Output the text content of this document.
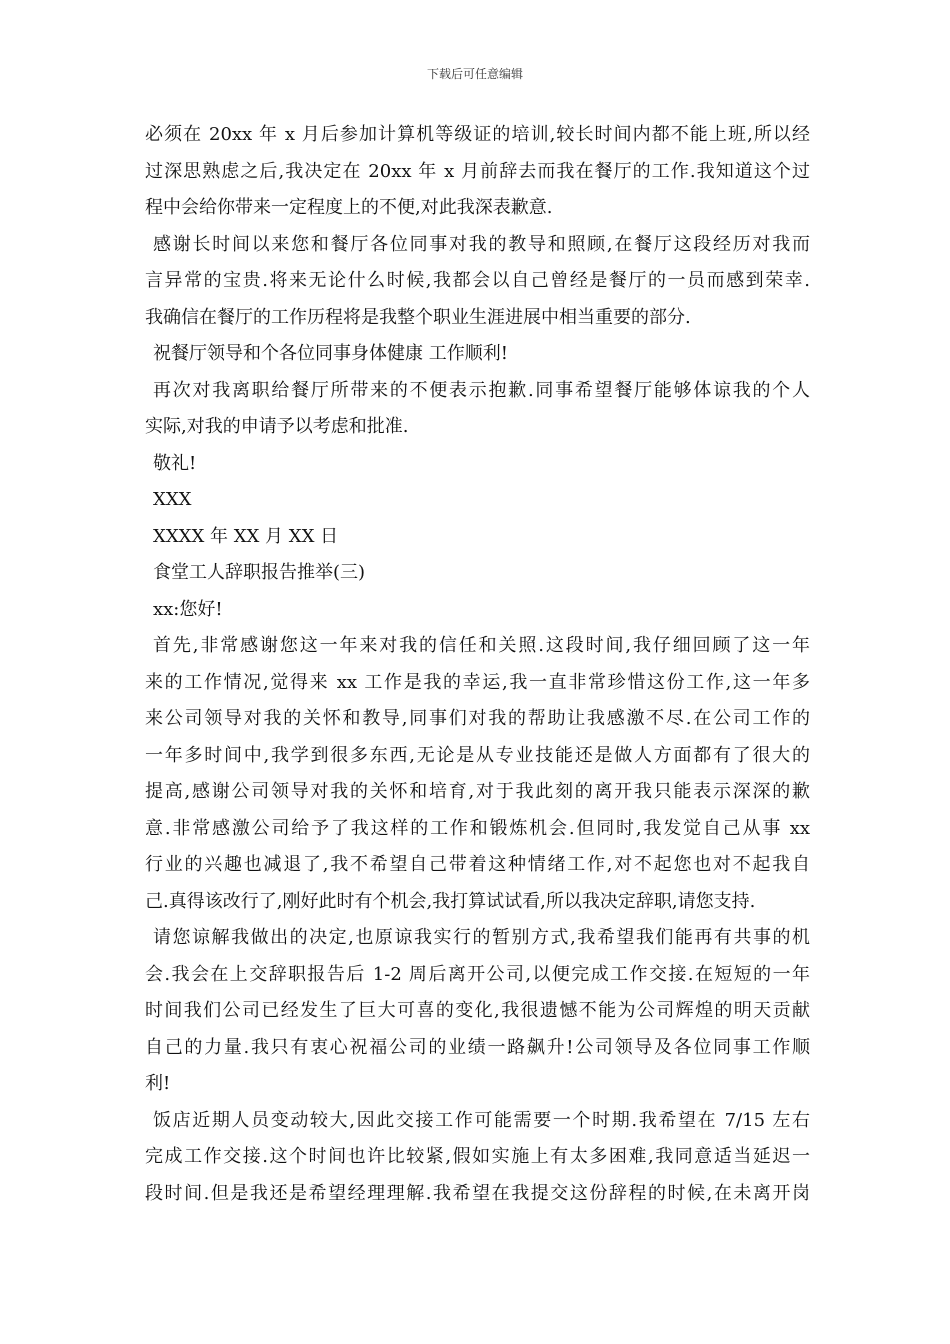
下载后可任意编辑
必须在 20xx 年 x 月后参加计算机等级证的培训,较长时间内都不能上班,所以经
过深思熟虑之后,我决定在 20xx 年 x 月前辞去而我在餐厅的工作.我知道这个过
程中会给你带来一定程度上的不便,对此我深表歉意.
感谢长时间以来您和餐厅各位同事对我的教导和照顾,在餐厅这段经历对我而
言异常的宝贵.将来无论什么时候,我都会以自己曾经是餐厅的一员而感到荣幸.
我确信在餐厅的工作历程将是我整个职业生涯进展中相当重要的部分.
祝餐厅领导和个各位同事身体健康 工作顺利!
再次对我离职给餐厅所带来的不便表示抱歉.同事希望餐厅能够体谅我的个人
实际,对我的申请予以考虑和批准.
敬礼!
XXX
XXXX 年 XX 月 XX 日
食堂工人辞职报告推举(三)
xx:您好!
首先,非常感谢您这一年来对我的信任和关照.这段时间,我仔细回顾了这一年
来的工作情况,觉得来 xx 工作是我的幸运,我一直非常珍惜这份工作,这一年多
来公司领导对我的关怀和教导,同事们对我的帮助让我感激不尽.在公司工作的
一年多时间中,我学到很多东西,无论是从专业技能还是做人方面都有了很大的
提高,感谢公司领导对我的关怀和培育,对于我此刻的离开我只能表示深深的歉
意.非常感激公司给予了我这样的工作和锻炼机会.但同时,我发觉自己从事 xx
行业的兴趣也减退了,我不希望自己带着这种情绪工作,对不起您也对不起我自
己.真得该改行了,刚好此时有个机会,我打算试试看,所以我决定辞职,请您支持.
请您谅解我做出的决定,也原谅我实行的暂别方式,我希望我们能再有共事的机
会.我会在上交辞职报告后 1-2 周后离开公司,以便完成工作交接.在短短的一年
时间我们公司已经发生了巨大可喜的变化,我很遗憾不能为公司辉煌的明天贡献
自己的力量.我只有衷心祝福公司的业绩一路飙升!公司领导及各位同事工作顺
利!
饭店近期人员变动较大,因此交接工作可能需要一个时期.我希望在 7/15 左右
完成工作交接.这个时间也许比较紧,假如实施上有太多困难,我同意适当延迟一
段时间.但是我还是希望经理理解.我希望在我提交这份辞程的时候,在未离开岗
